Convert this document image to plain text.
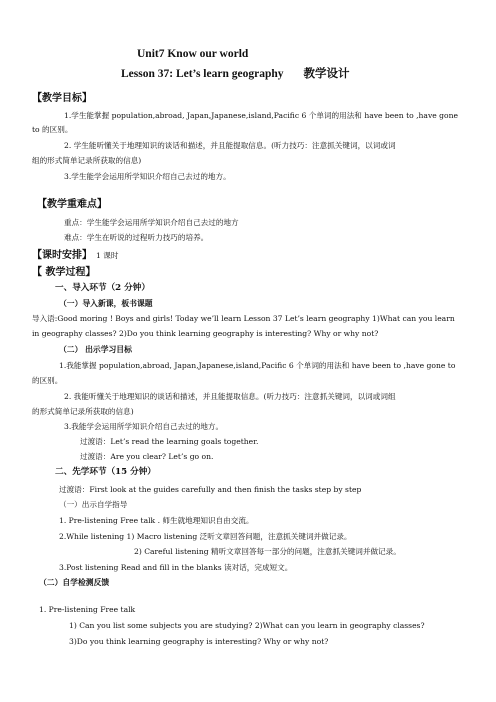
Unit7 Know our world
Lesson 37: Let’s learn geography 教学设计
【教学目标】
1.学生能掌握 population,abroad, Japan,Japanese,island,Pacific 6 个单词的用法和 have been to ,have gone
to 的区别。
2. 学生能听懂关于地理知识的谈话和描述，并且能提取信息。(听力技巧：注意抓关键词，以词或词
组的形式简单记录所获取的信息)
3.学生能学会运用所学知识介绍自己去过的地方。
【教学重难点】
重点：学生能学会运用所学知识介绍自己去过的地方
难点：学生在听说的过程听力技巧的培养。
【课时安排】 1 课时
【 教学过程】
一、导入环节（2 分钟）
（一）导入新课，板书课题
导入语:Good moring ! Boys and girls! Today we’ll learn Lesson 37 Let’s learn geography 1)What can you learn
in geography classes? 2)Do you think learning geography is interesting? Why or why not?
（二） 出示学习目标
1.我能掌握 population,abroad, Japan,Japanese,island,Pacific 6 个单词的用法和 have been to ,have gone to
的区别。
2. 我能听懂关于地理知识的谈话和描述，并且能提取信息。(听力技巧：注意抓关键词，以词或词组
的形式简单记录所获取的信息)
3.我能学会运用所学知识介绍自己去过的地方。
过渡语：Let’s read the learning goals together.
过渡语：Are you clear? Let’s go on.
二、先学环节（15 分钟）
过渡语：First look at the guides carefully and then finish the tasks step by step
（一）出示自学指导
1. Pre-listening Free talk . 师生就地理知识自由交流。
2.While listening 1) Macro listening 泛听文章回答问题，注意抓关键词并做记录。
2) Careful listening 精听文章回答每一部分的问题，注意抓关键词并做记录。
3.Post listening Read and fill in the blanks 读对话，完成短文。
（二）自学检测反馈
1. Pre-listening Free talk
1) Can you list some subjects you are studying? 2)What can you learn in geography classes?
3)Do you think learning geography is interesting? Why or why not?
